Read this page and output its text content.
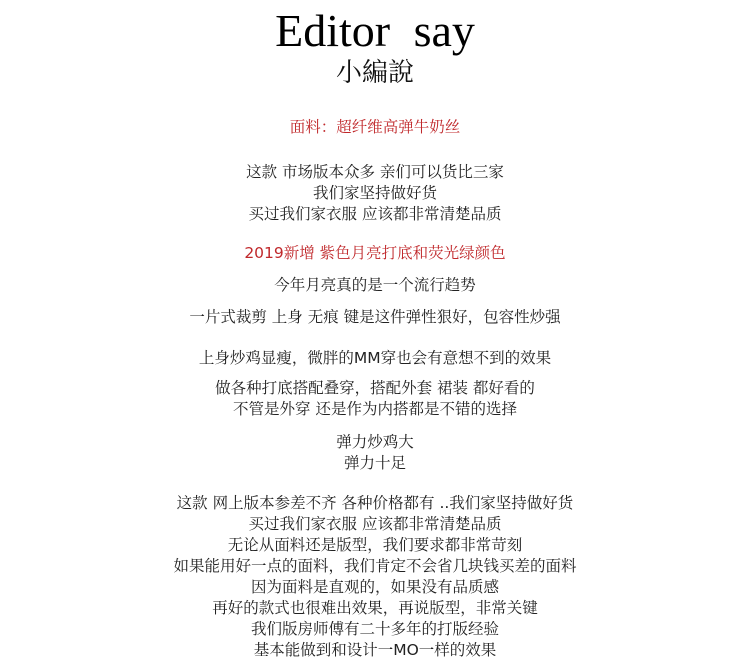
Editor say
小編說
面料：超纤维高弹牛奶丝
这款 市场版本众多 亲们可以货比三家
我们家坚持做好货
买过我们家衣服 应该都非常清楚品质
2019新增 紫色月亮打底和荧光绿颜色
今年月亮真的是一个流行趋势
一片式裁剪 上身 无痕 键是这件弹性狠好，包容性炒强
上身炒鸡显瘦，微胖的MM穿也会有意想不到的效果
做各种打底搭配叠穿，搭配外套 裙装 都好看的
不管是外穿 还是作为内搭都是不错的选择
弹力炒鸡大
弹力十足
这款 网上版本参差不齐 各种价格都有 ..我们家坚持做好货
买过我们家衣服 应该都非常清楚品质
无论从面料还是版型，我们要求都非常苛刻
如果能用好一点的面料，我们肯定不会省几块钱买差的面料
因为面料是直观的，如果没有品质感
再好的款式也很难出效果，再说版型，非常关键
我们版房师傅有二十多年的打版经验
基本能做到和设计一MO一样的效果
